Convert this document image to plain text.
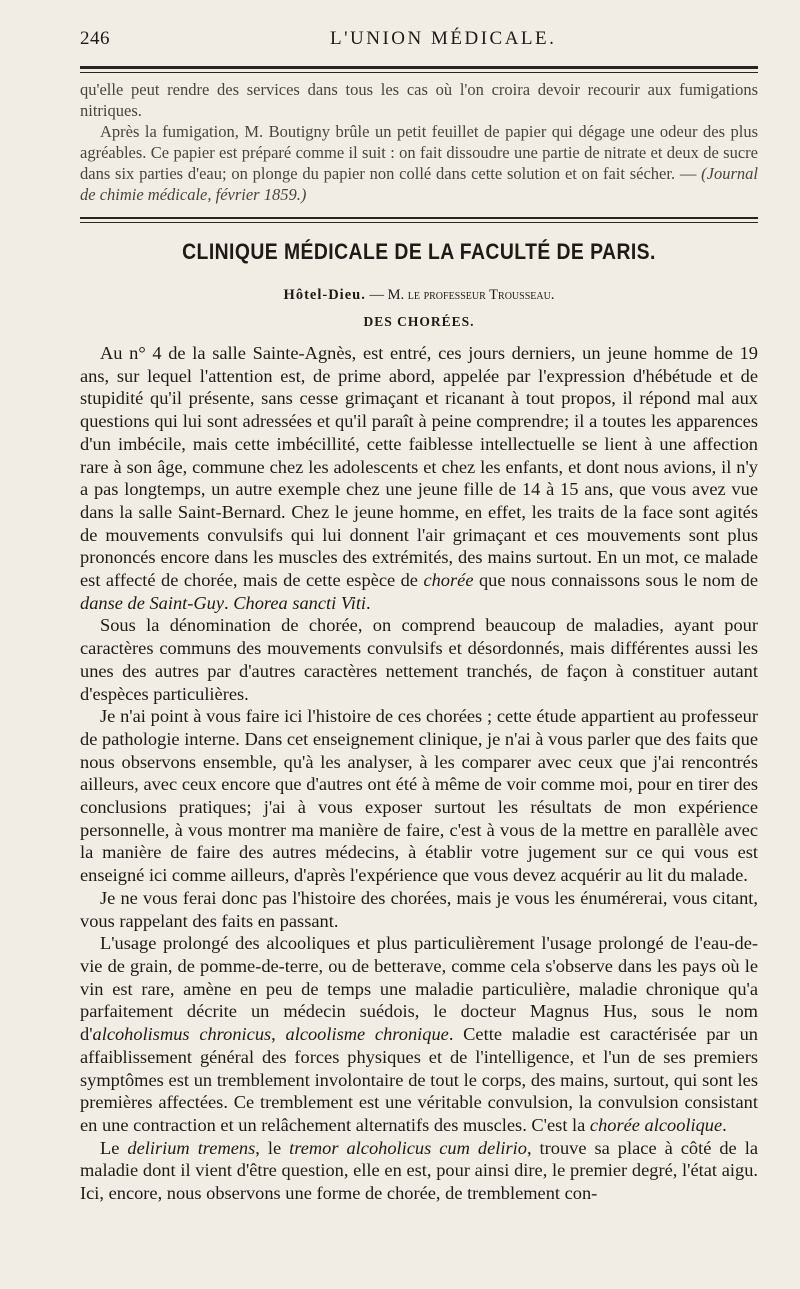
246	L'UNION MÉDICALE.

qu'elle peut rendre des services dans tous les cas où l'on croira devoir recourir aux fumigations nitriques.

Après la fumigation, M. Boutigny brûle un petit feuillet de papier qui dégage une odeur des plus agréables. Ce papier est préparé comme il suit : on fait dissoudre une partie de nitrate et deux de sucre dans six parties d'eau; on plonge du papier non collé dans cette solution et on fait sécher. — (Journal de chimie médicale, février 1859.)

CLINIQUE MÉDICALE DE LA FACULTÉ DE PARIS.
Hôtel-Dieu. — M. le professeur Trousseau.
DES CHORÉES.

Au n° 4 de la salle Sainte-Agnès, est entré, ces jours derniers, un jeune homme de 19 ans, sur lequel l'attention est, de prime abord, appelée par l'expression d'hébétude et de stupidité qu'il présente, sans cesse grimaçant et ricanant à tout propos, il répond mal aux questions qui lui sont adressées et qu'il paraît à peine comprendre; il a toutes les apparences d'un imbécile, mais cette imbécillité, cette faiblesse intellectuelle se lient à une affection rare à son âge, commune chez les adolescents et chez les enfants, et dont nous avions, il n'y a pas longtemps, un autre exemple chez une jeune fille de 14 à 15 ans, que vous avez vue dans la salle Saint-Bernard. Chez le jeune homme, en effet, les traits de la face sont agités de mouvements convulsifs qui lui donnent l'air grimaçant et ces mouvements sont plus prononcés encore dans les muscles des extrémités, des mains surtout. En un mot, ce malade est affecté de chorée, mais de cette espèce de chorée que nous connaissons sous le nom de danse de Saint-Guy. Chorea sancti Viti.

Sous la dénomination de chorée, on comprend beaucoup de maladies, ayant pour caractères communs des mouvements convulsifs et désordonnés, mais différentes aussi les unes des autres par d'autres caractères nettement tranchés, de façon à constituer autant d'espèces particulières.

Je n'ai point à vous faire ici l'histoire de ces chorées ; cette étude appartient au professeur de pathologie interne. Dans cet enseignement clinique, je n'ai à vous parler que des faits que nous observons ensemble, qu'à les analyser, à les comparer avec ceux que j'ai rencontrés ailleurs, avec ceux encore que d'autres ont été à même de voir comme moi, pour en tirer des conclusions pratiques; j'ai à vous exposer surtout les résultats de mon expérience personnelle, à vous montrer ma manière de faire, c'est à vous de la mettre en parallèle avec la manière de faire des autres médecins, à établir votre jugement sur ce qui vous est enseigné ici comme ailleurs, d'après l'expérience que vous devez acquérir au lit du malade.

Je ne vous ferai donc pas l'histoire des chorées, mais je vous les énumérerai, vous citant, vous rappelant des faits en passant.

L'usage prolongé des alcooliques et plus particulièrement l'usage prolongé de l'eau-de-vie de grain, de pomme-de-terre, ou de betterave, comme cela s'observe dans les pays où le vin est rare, amène en peu de temps une maladie particulière, maladie chronique qu'a parfaitement décrite un médecin suédois, le docteur Magnus Hus, sous le nom d'alcoholismus chronicus, alcoolisme chronique. Cette maladie est caractérisée par un affaiblissement général des forces physiques et de l'intelligence, et l'un de ses premiers symptômes est un tremblement involontaire de tout le corps, des mains, surtout, qui sont les premières affectées. Ce tremblement est une véritable convulsion, la convulsion consistant en une contraction et un relâchement alternatifs des muscles. C'est la chorée alcoolique.

Le delirium tremens, le tremor alcoholicus cum delirio, trouve sa place à côté de la maladie dont il vient d'être question, elle en est, pour ainsi dire, le premier degré, l'état aigu. Ici, encore, nous observons une forme de chorée, de tremblement con-
